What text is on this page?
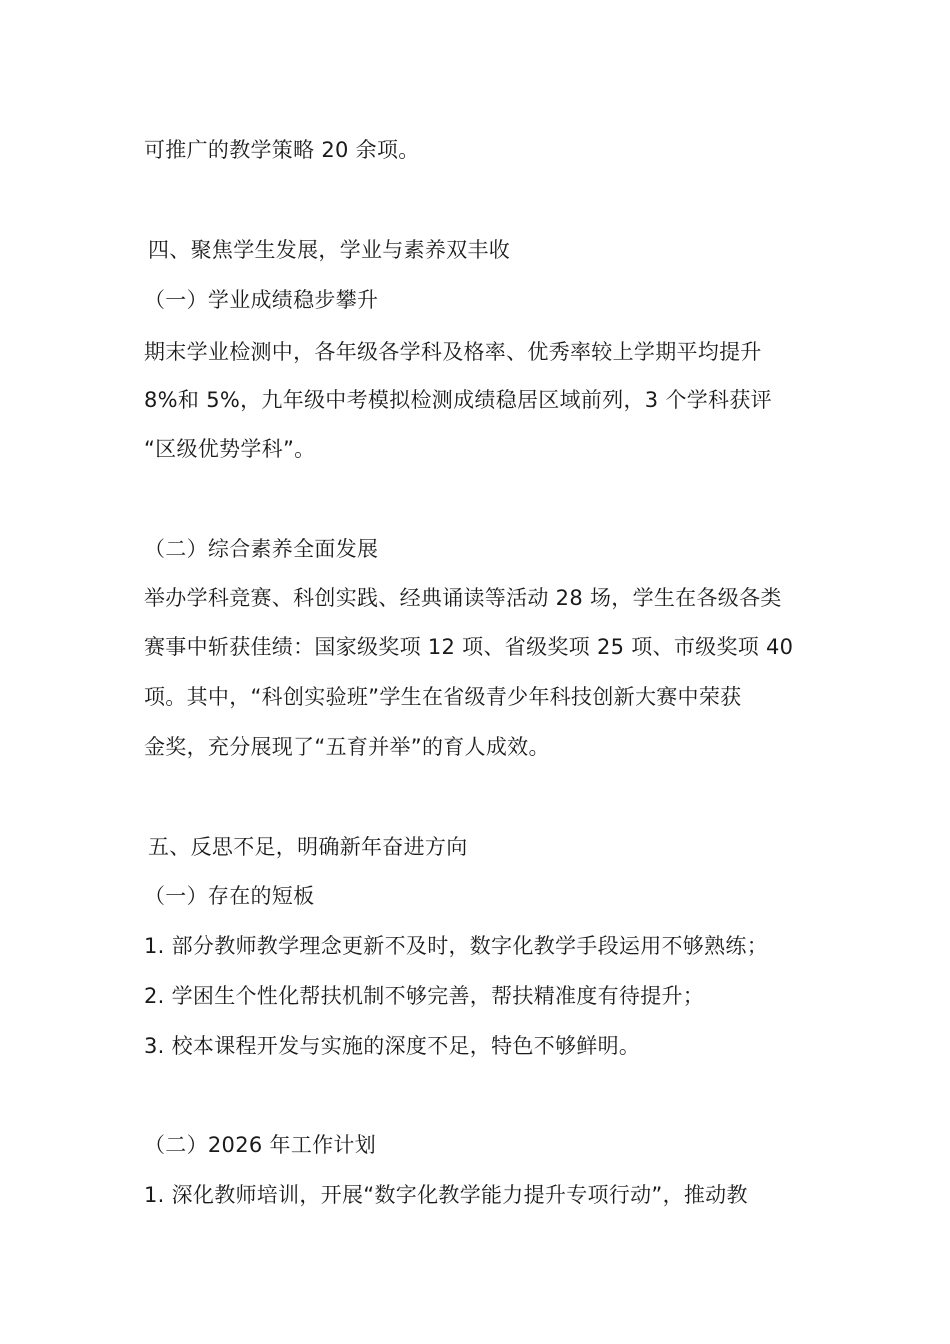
可推广的教学策略 20 余项。

四、聚焦学生发展，学业与素养双丰收

（一）学业成绩稳步攀升

期末学业检测中，各年级各学科及格率、优秀率较上学期平均提升

8%和 5%，九年级中考模拟检测成绩稳居区域前列，3 个学科获评

“区级优势学科”。

（二）综合素养全面发展

举办学科竞赛、科创实践、经典诵读等活动 28 场，学生在各级各类

赛事中斩获佳绩：国家级奖项 12 项、省级奖项 25 项、市级奖项 40

项。其中，“科创实验班”学生在省级青少年科技创新大赛中荣获

金奖，充分展现了“五育并举”的育人成效。

五、反思不足，明确新年奋进方向

（一）存在的短板

1. 部分教师教学理念更新不及时，数字化教学手段运用不够熟练；

2. 学困生个性化帮扶机制不够完善，帮扶精准度有待提升；

3. 校本课程开发与实施的深度不足，特色不够鲜明。

（二）2026 年工作计划

1. 深化教师培训，开展“数字化教学能力提升专项行动”，推动教
